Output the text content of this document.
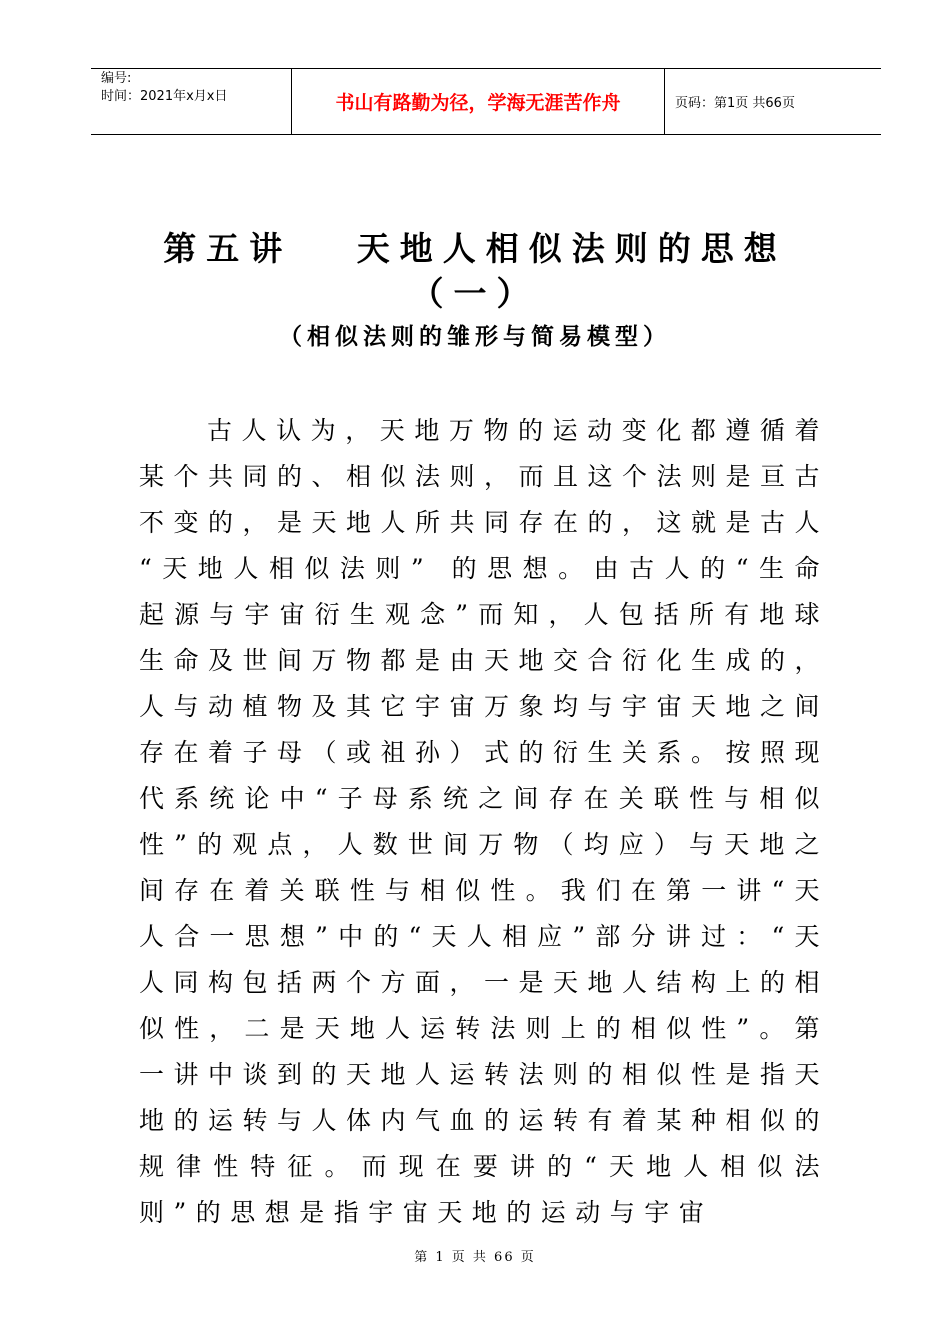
编号:
时间：2021年x月x日	书山有路勤为径，学海无涯苦作舟	页码：第1页 共66页
第五讲　 天地人相似法则的思想
（一）
（相似法则的雏形与简易模型）

古人认为，天地万物的运动变化都遵循着某个共同的、相似法则，而且这个法则是亘古不变的，是天地人所共同存在的，这就是古人 “天地人相似法则” 的思想。由古人的“生命起源与宇宙衍生观念”而知，人包括所有地球生命及世间万物都是由天地交合衍化生成的，人与动植物及其它宇宙万象均与宇宙天地之间存在着子母（或祖孙）式的衍生关系。按照现代系统论中“子母系统之间存在关联性与相似性”的观点，人数世间万物（均应）与天地之间存在着关联性与相似性。我们在第一讲“天人合一思想”中的“天人相应”部分讲过：“天人同构包括两个方面，一是天地人结构上的相似性，二是天地人运转法则上的相似性”。第一讲中谈到的天地人运转法则的相似性是指天地的运转与人体内气血的运转有着某种相似的规律性特征。而现在要讲的“天地人相似法则”的思想是指宇宙天地的运动与宇宙

第 1 页 共 66 页
